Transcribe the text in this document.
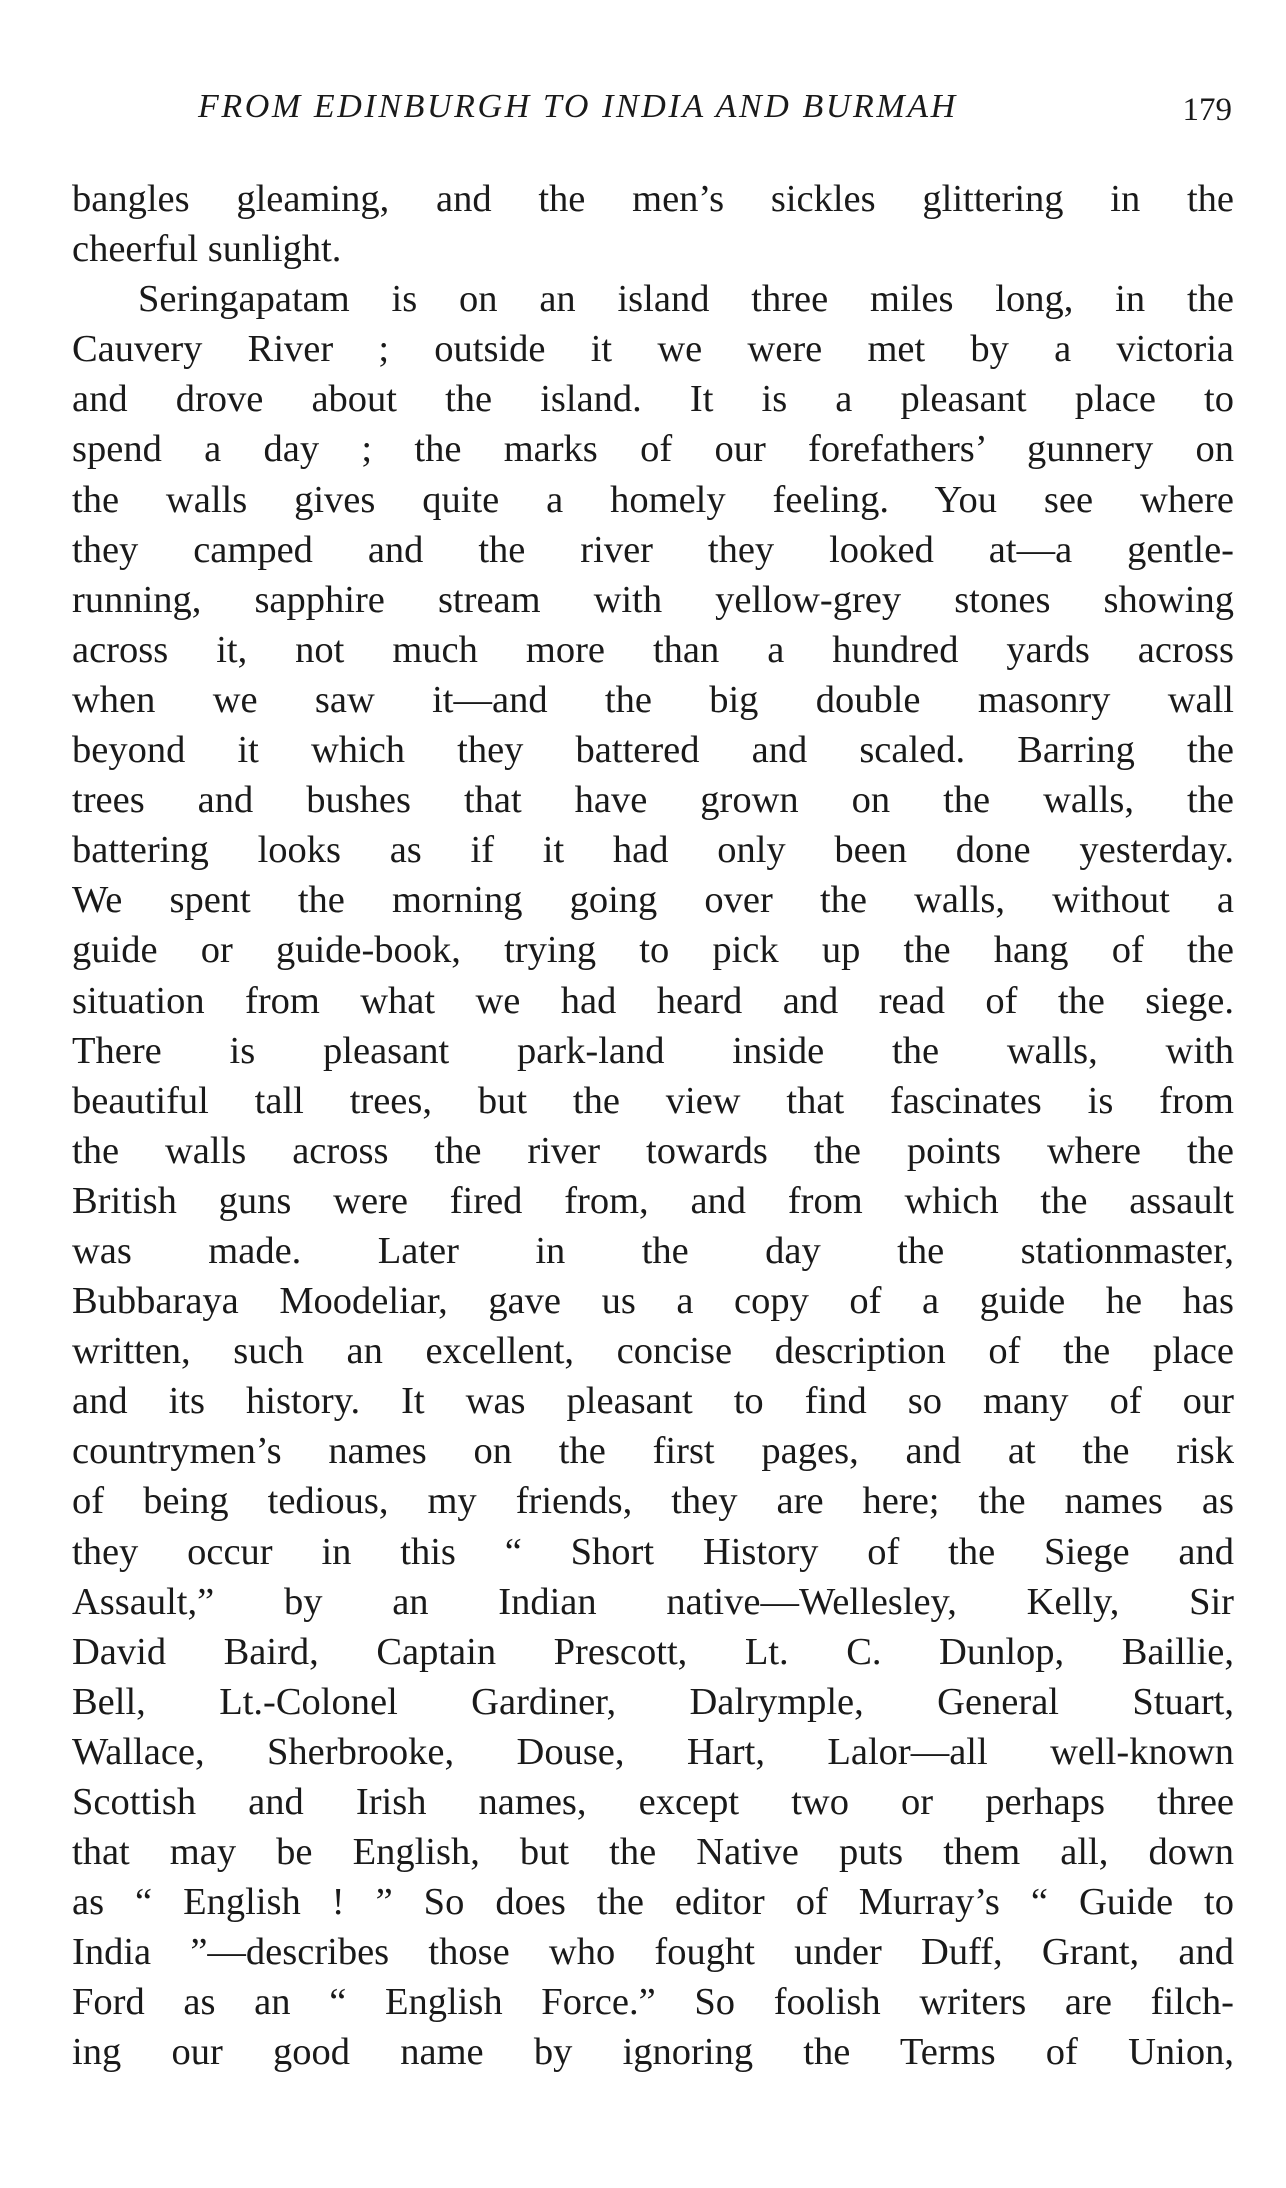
FROM EDINBURGH TO INDIA AND BURMAH	179
bangles gleaming, and the men’s sickles glittering in the
cheerful sunlight.
Seringapatam is on an island three miles long, in the
Cauvery River ; outside it we were met by a victoria
and drove about the island. It is a pleasant place to
spend a day ; the marks of our forefathers’ gunnery on
the walls gives quite a homely feeling. You see where
they camped and the river they looked at—a gentle-
running, sapphire stream with yellow-grey stones showing
across it, not much more than a hundred yards across
when we saw it—and the big double masonry wall
beyond it which they battered and scaled. Barring the
trees and bushes that have grown on the walls, the
battering looks as if it had only been done yesterday.
We spent the morning going over the walls, without a
guide or guide-book, trying to pick up the hang of the
situation from what we had heard and read of the siege.
There is pleasant park-land inside the walls, with
beautiful tall trees, but the view that fascinates is from
the walls across the river towards the points where the
British guns were fired from, and from which the assault
was made. Later in the day the stationmaster,
Bubbaraya Moodeliar, gave us a copy of a guide he has
written, such an excellent, concise description of the place
and its history. It was pleasant to find so many of our
countrymen’s names on the first pages, and at the risk
of being tedious, my friends, they are here; the names as
they occur in this “ Short History of the Siege and
Assault,” by an Indian native—Wellesley, Kelly, Sir
David Baird, Captain Prescott, Lt. C. Dunlop, Baillie,
Bell, Lt.-Colonel Gardiner, Dalrymple, General Stuart,
Wallace, Sherbrooke, Douse, Hart, Lalor—all well-known
Scottish and Irish names, except two or perhaps three
that may be English, but the Native puts them all, down
as “ English ! ” So does the editor of Murray’s “ Guide to
India ”—describes those who fought under Duff, Grant, and
Ford as an “ English Force.” So foolish writers are filch-
ing our good name by ignoring the Terms of Union,
